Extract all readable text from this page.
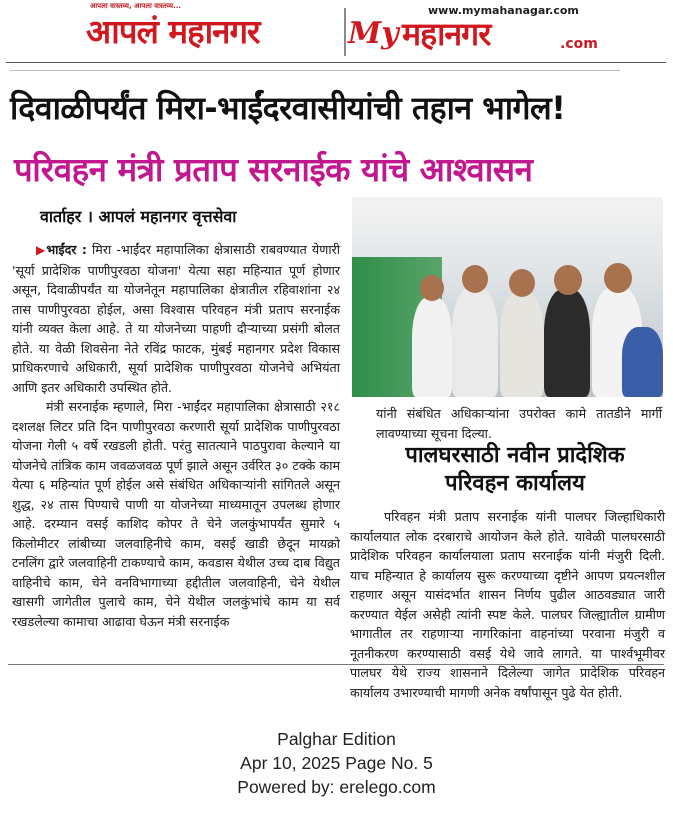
आपला वास्तव्य, आपला वास्तव्य...
आपलं महानगर
www.mymahanagar.com
My महानगर	.com
दिवाळीपर्यंत मिरा-भाईंदरवासीयांची तहान भागेल!
परिवहन मंत्री प्रताप सरनाईक यांचे आश्वासन
वार्ताहर । आपलं महानगर वृत्तसेवा

▶भाईंदर : मिरा -भाईंदर महापालिका क्षेत्रासाठी राबवण्यात येणारी 'सूर्या प्रादेशिक पाणीपुरवठा योजना' येत्या सहा महिन्यात पूर्ण होणार असून, दिवाळीपर्यंत या योजनेतून महापालिका क्षेत्रातील रहिवाशांना २४ तास पाणीपुरवठा होईल, असा विश्वास परिवहन मंत्री प्रताप सरनाईक यांनी व्यक्त केला आहे. ते या योजनेच्या पाहणी दौऱ्याच्या प्रसंगी बोलत होते. या वेळी शिवसेना नेते रविंद्र फाटक, मुंबई महानगर प्रदेश विकास प्राधिकरणाचे अधिकारी, सूर्या प्रादेशिक पाणीपुरवठा योजनेचे अभियंता आणि इतर अधिकारी उपस्थित होते.

मंत्री सरनाईक म्हणाले, मिरा -भाईंदर महापालिका क्षेत्रासाठी २१८ दशलक्ष लिटर प्रति दिन पाणीपुरवठा करणारी सूर्या प्रादेशिक पाणीपुरवठा योजना गेली ५ वर्षे रखडली होती. परंतु सातत्याने पाठपुरावा केल्याने या योजनेचे तांत्रिक काम जवळजवळ पूर्ण झाले असून उर्वरित ३० टक्के काम येत्या ६ महिन्यांत पूर्ण होईल असे संबंधित अधिकाऱ्यांनी सांगितले असून शुद्ध, २४ तास पिण्याचे पाणी या योजनेच्या माध्यमातून उपलब्ध होणार आहे. दरम्यान वसई काशिद कोपर ते चेने जलकुंभापर्यंत सुमारे ५ किलोमीटर लांबीच्या जलवाहिनीचे काम, वसई खाडी छेदून मायक्रो टनलिंग द्वारे जलवाहिनी टाकण्याचे काम, कवडास येथील उच्च दाब विद्युत वाहिनीचे काम, चेने वनविभागाच्या हद्दीतील जलवाहिनी, चेने येथील खासगी जागेतील पुलाचे काम, चेने येथील जलकुंभांचे काम या सर्व रखडलेल्या कामाचा आढावा घेऊन मंत्री सरनाईक

यांनी संबंधित अधिकाऱ्यांना उपरोक्त कामे तातडीने मार्गी लावण्याच्या सूचना दिल्या.

पालघरसाठी नवीन प्रादेशिक परिवहन कार्यालय

परिवहन मंत्री प्रताप सरनाईक यांनी पालघर जिल्हाधिकारी कार्यालयात लोक दरबाराचे आयोजन केले होते. यावेळी पालघरसाठी प्रादेशिक परिवहन कार्यालयाला प्रताप सरनाईक यांनी मंजुरी दिली. याच महिन्यात हे कार्यालय सुरू करण्याच्या दृष्टीने आपण प्रयत्नशील राहणार असून यासंदर्भात शासन निर्णय पुढील आठवड्यात जारी करण्यात येईल असेही त्यांनी स्पष्ट केले. पालघर जिल्ह्यातील ग्रामीण भागातील तर राहणाऱ्या नागरिकांना वाहनांच्या परवाना मंजुरी व नूतनीकरण करण्यासाठी वसई येथे जावे लागते. या पार्श्वभूमीवर पालघर येथे राज्य शासनाने दिलेल्या जागेत प्रादेशिक परिवहन कार्यालय उभारण्याची मागणी अनेक वर्षांपासून पुढे येत होती.

Palghar Edition
Apr 10, 2025 Page No. 5
Powered by: erelego.com
